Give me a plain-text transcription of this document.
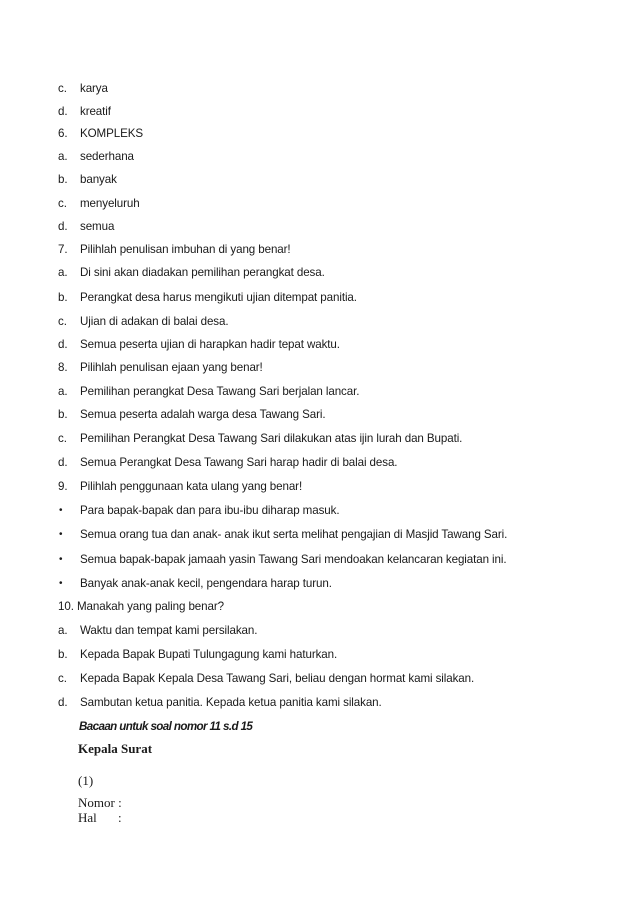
c. karya
d. kreatif
6. KOMPLEKS
a. sederhana
b. banyak
c. menyeluruh
d. semua
7. Pilihlah penulisan imbuhan di yang benar!
a. Di sini akan diadakan pemilihan perangkat desa.
b. Perangkat desa harus mengikuti ujian ditempat panitia.
c. Ujian di adakan di balai desa.
d. Semua peserta ujian di harapkan hadir tepat waktu.
8. Pilihlah penulisan ejaan yang benar!
a. Pemilihan perangkat Desa Tawang Sari berjalan lancar.
b. Semua peserta adalah warga desa Tawang Sari.
c. Pemilihan Perangkat Desa Tawang Sari dilakukan atas ijin lurah dan Bupati.
d. Semua Perangkat Desa Tawang Sari harap hadir di balai desa.
9. Pilihlah penggunaan kata ulang yang benar!
• Para bapak-bapak dan para ibu-ibu diharap masuk.
• Semua orang tua dan anak- anak ikut serta melihat pengajian di Masjid Tawang Sari.
• Semua bapak-bapak jamaah yasin Tawang Sari mendoakan kelancaran kegiatan ini.
• Banyak anak-anak kecil, pengendara harap turun.
10. Manakah yang paling benar?
a. Waktu dan tempat kami persilakan.
b. Kepada Bapak Bupati Tulungagung kami haturkan.
c. Kepada Bapak Kepala Desa Tawang Sari, beliau dengan hormat kami silakan.
d. Sambutan ketua panitia. Kepada ketua panitia kami silakan.
Bacaan untuk soal nomor 11 s.d 15
Kepala Surat
(1)
Nomor :
Hal :
